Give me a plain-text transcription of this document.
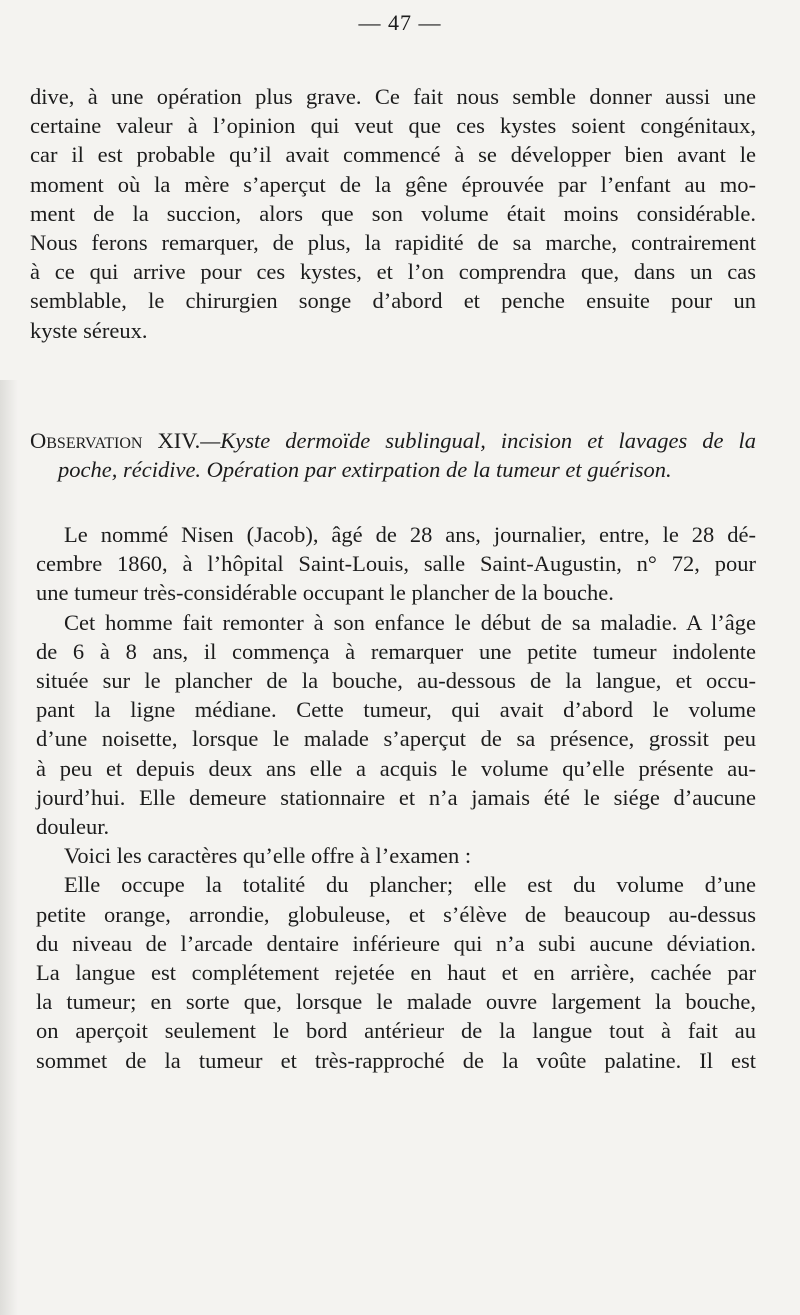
— 47 —
dive, à une opération plus grave. Ce fait nous semble donner aussi une
certaine valeur à l’opinion qui veut que ces kystes soient congénitaux,
car il est probable qu’il avait commencé à se développer bien avant le
moment où la mère s’aperçut de la gêne éprouvée par l’enfant au mo-
ment de la succion, alors que son volume était moins considérable.
Nous ferons remarquer, de plus, la rapidité de sa marche, contrairement
à ce qui arrive pour ces kystes, et l’on comprendra que, dans un cas
semblable, le chirurgien songe d’abord et penche ensuite pour un
kyste séreux.
Observation XIV.—Kyste dermoïde sublingual, incision et lavages de la
poche, récidive. Opération par extirpation de la tumeur et guérison.
Le nommé Nisen (Jacob), âgé de 28 ans, journalier, entre, le 28 dé-
cembre 1860, à l’hôpital Saint-Louis, salle Saint-Augustin, n° 72, pour
une tumeur très-considérable occupant le plancher de la bouche.
Cet homme fait remonter à son enfance le début de sa maladie. A l’âge
de 6 à 8 ans, il commença à remarquer une petite tumeur indolente
située sur le plancher de la bouche, au-dessous de la langue, et occu-
pant la ligne médiane. Cette tumeur, qui avait d’abord le volume
d’une noisette, lorsque le malade s’aperçut de sa présence, grossit peu
à peu et depuis deux ans elle a acquis le volume qu’elle présente au-
jourd’hui. Elle demeure stationnaire et n’a jamais été le siége d’aucune
douleur.
Voici les caractères qu’elle offre à l’examen :
Elle occupe la totalité du plancher; elle est du volume d’une
petite orange, arrondie, globuleuse, et s’élève de beaucoup au-dessus
du niveau de l’arcade dentaire inférieure qui n’a subi aucune déviation.
La langue est complétement rejetée en haut et en arrière, cachée par
la tumeur; en sorte que, lorsque le malade ouvre largement la bouche,
on aperçoit seulement le bord antérieur de la langue tout à fait au
sommet de la tumeur et très-rapproché de la voûte palatine. Il est
